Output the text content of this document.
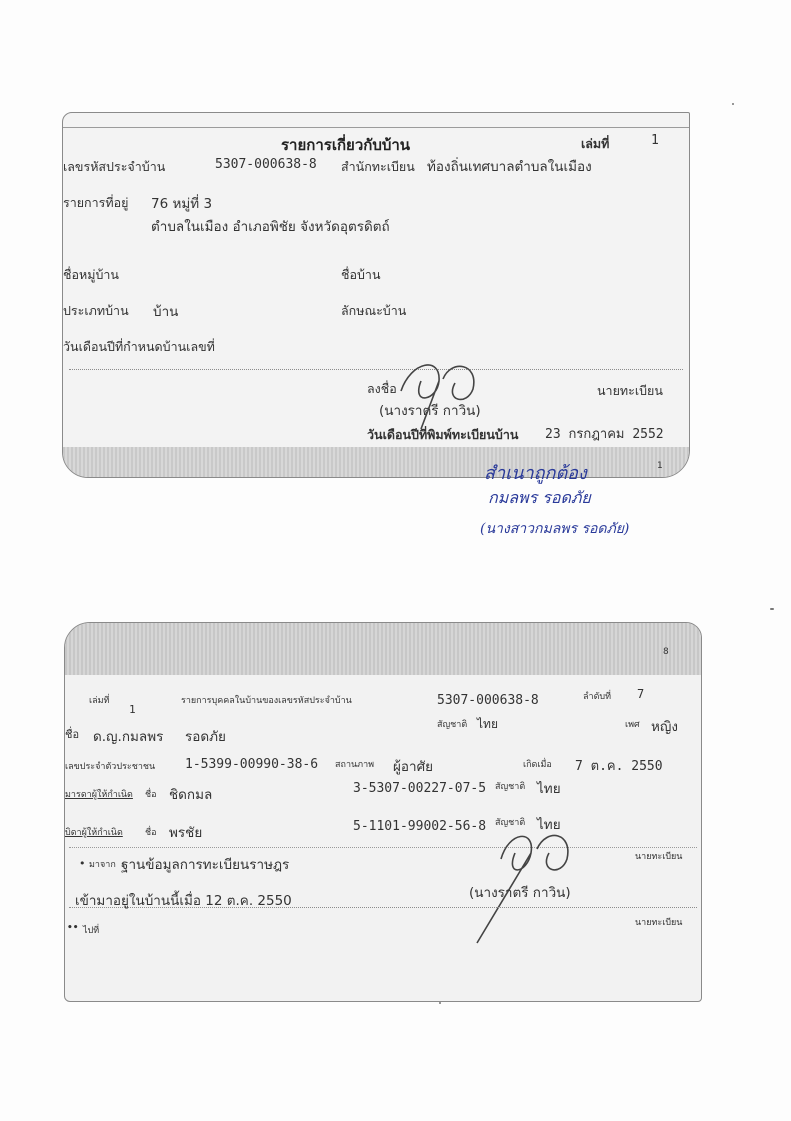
รายการเกี่ยวกับบ้าน	เล่มที่	1
เลขรหัสประจำบ้าน	5307-000638-8 สำนักทะเบียน ท้องถิ่นเทศบาลตำบลในเมือง
รายการที่อยู่ 76 หมู่ที่ 3
ตำบลในเมือง อำเภอพิชัย จังหวัดอุตรดิตถ์
ชื่อหมู่บ้าน	ชื่อบ้าน
ประเภทบ้าน บ้าน	ลักษณะบ้าน
วันเดือนปีที่กำหนดบ้านเลขที่
ลงชื่อ	นายทะเบียน
(นางราตรี กาวิน)
วันเดือนปีที่พิมพ์ทะเบียนบ้าน 23 กรกฎาคม 2552
1
สำเนาถูกต้อง
กมลพร รอดภัย
(นางสาวกมลพร รอดภัย)
8
เล่มที่
1
รายการบุคคลในบ้านของเลขรหัสประจำบ้าน	5307-000638-8	ลำดับที่ 7
ชื่อ ด.ญ.กมลพร รอดภัย
สัญชาติ ไทย	เพศ หญิง
เลขประจำตัวประชาชน 1-5399-00990-38-6 สถานภาพ ผู้อาศัย	เกิดเมื่อ 7 ต.ค. 2550
มารดาผู้ให้กำเนิด ชื่อ ชิดกมล	3-5307-00227-07-5 สัญชาติ ไทย
บิดาผู้ให้กำเนิด ชื่อ พรชัย	5-1101-99002-56-8 สัญชาติ ไทย
• มาจาก ฐานข้อมูลการทะเบียนราษฎร	นายทะเบียน
เข้ามาอยู่ในบ้านนี้เมื่อ 12 ต.ค. 2550	(นางราตรี กาวิน)
•• ไปที่
นายทะเบียน
